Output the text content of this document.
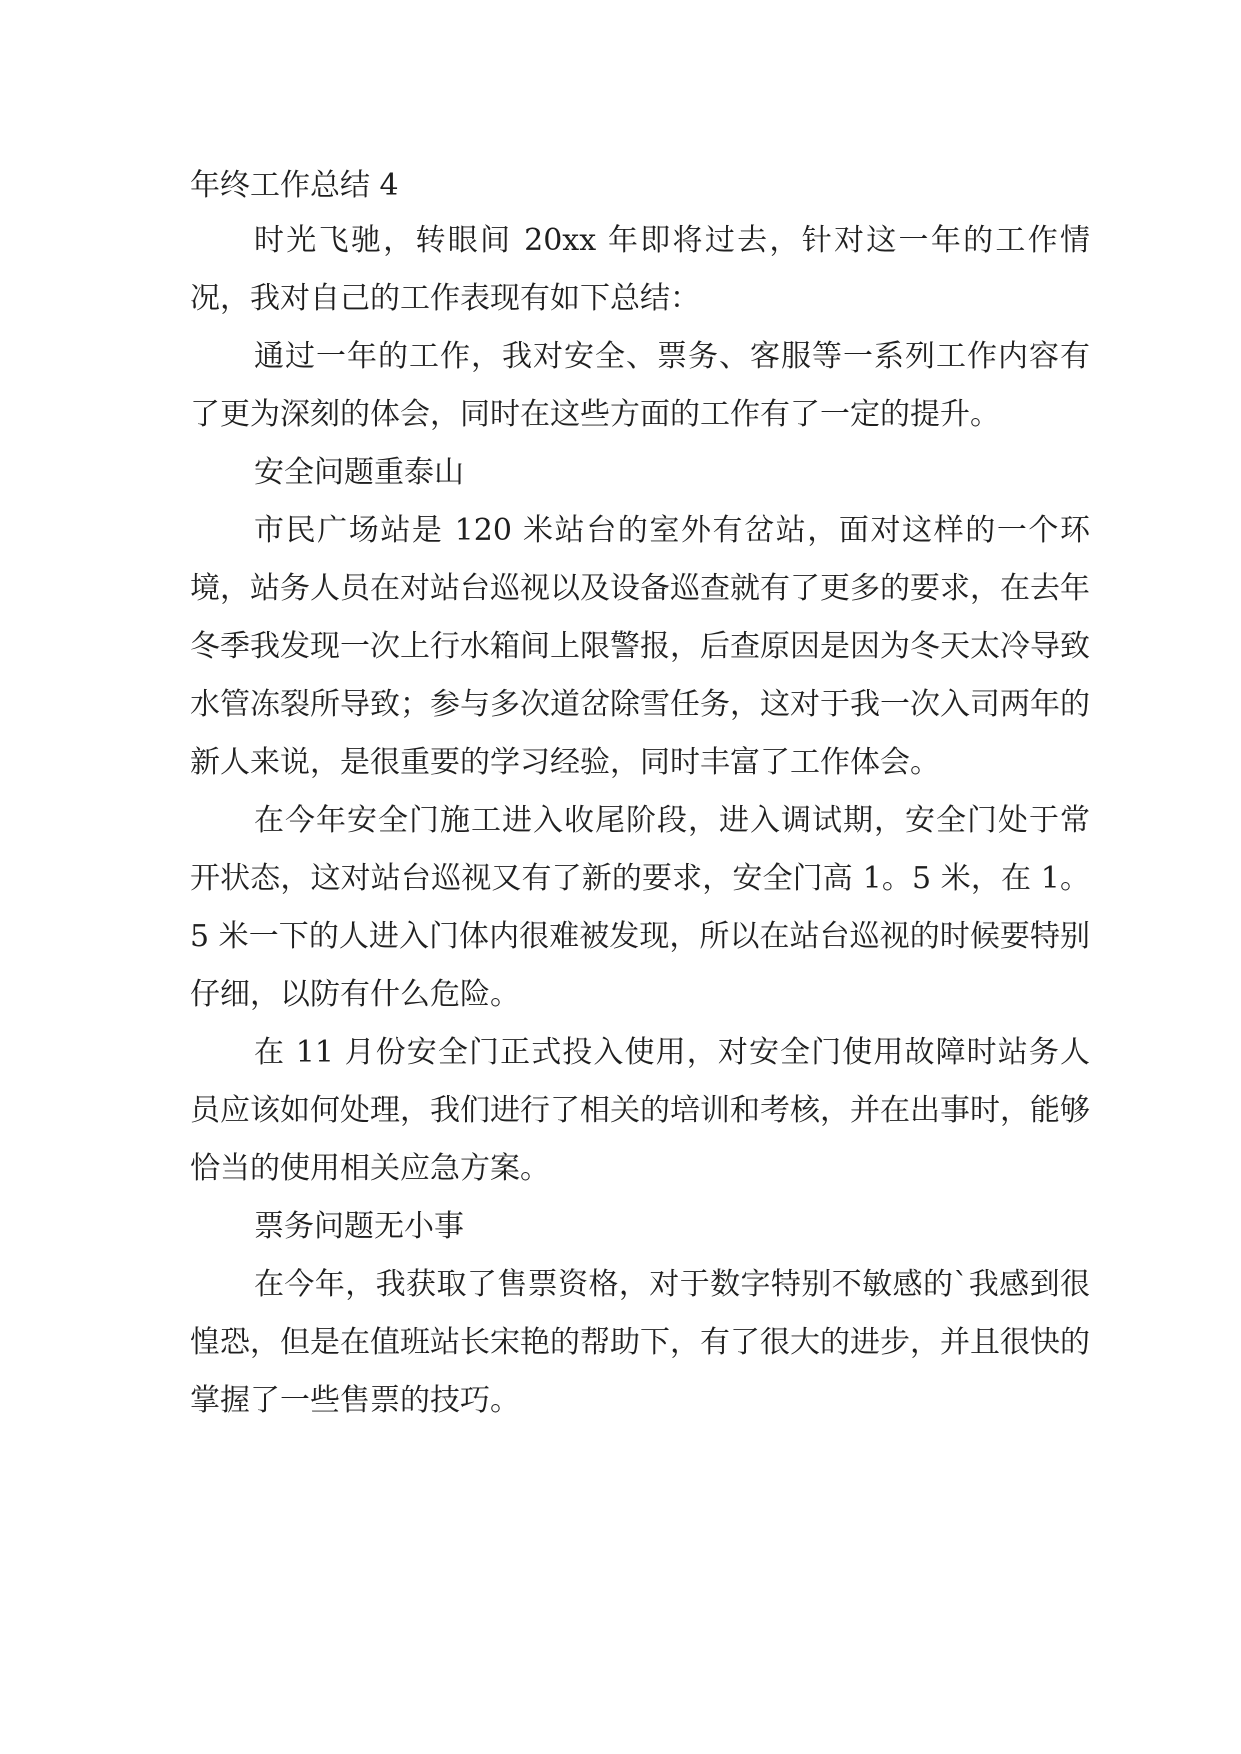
年终工作总结 4

时光飞驰，转眼间 20xx 年即将过去，针对这一年的工作情况，我对自己的工作表现有如下总结：

通过一年的工作，我对安全、票务、客服等一系列工作内容有了更为深刻的体会，同时在这些方面的工作有了一定的提升。

安全问题重泰山

市民广场站是 120 米站台的室外有岔站，面对这样的一个环境，站务人员在对站台巡视以及设备巡查就有了更多的要求，在去年冬季我发现一次上行水箱间上限警报，后查原因是因为冬天太冷导致水管冻裂所导致；参与多次道岔除雪任务，这对于我一次入司两年的新人来说，是很重要的学习经验，同时丰富了工作体会。

在今年安全门施工进入收尾阶段，进入调试期，安全门处于常开状态，这对站台巡视又有了新的要求，安全门高 1。5 米，在 1。5 米一下的人进入门体内很难被发现，所以在站台巡视的时候要特别仔细，以防有什么危险。

在 11 月份安全门正式投入使用，对安全门使用故障时站务人员应该如何处理，我们进行了相关的培训和考核，并在出事时，能够恰当的使用相关应急方案。

票务问题无小事

在今年，我获取了售票资格，对于数字特别不敏感的`我感到很惶恐，但是在值班站长宋艳的帮助下，有了很大的进步，并且很快的掌握了一些售票的技巧。
